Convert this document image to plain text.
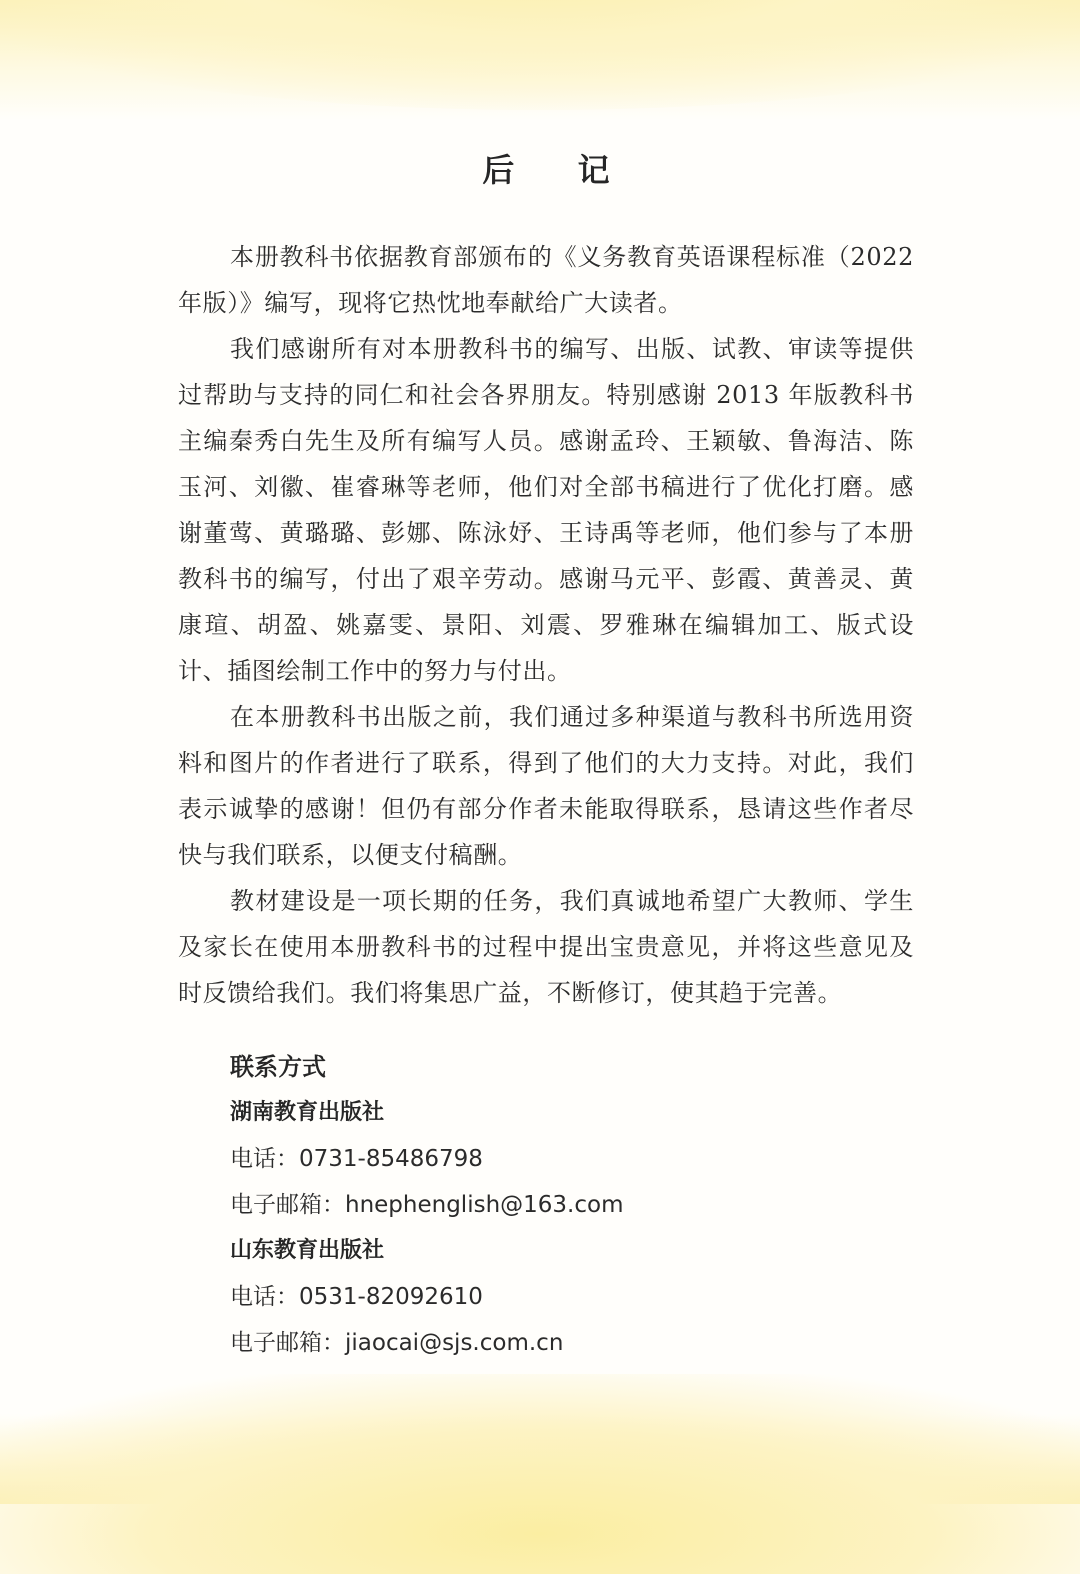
后 记

本册教科书依据教育部颁布的《义务教育英语课程标准（2022年版）》编写，现将它热忱地奉献给广大读者。

我们感谢所有对本册教科书的编写、出版、试教、审读等提供过帮助与支持的同仁和社会各界朋友。特别感谢 2013 年版教科书主编秦秀白先生及所有编写人员。感谢孟玲、王颖敏、鲁海洁、陈玉河、刘徽、崔睿琳等老师，他们对全部书稿进行了优化打磨。感谢董莺、黄璐璐、彭娜、陈泳妤、王诗禹等老师，他们参与了本册教科书的编写，付出了艰辛劳动。感谢马元平、彭霞、黄善灵、黄康瑄、胡盈、姚嘉雯、景阳、刘震、罗雅琳在编辑加工、版式设计、插图绘制工作中的努力与付出。

在本册教科书出版之前，我们通过多种渠道与教科书所选用资料和图片的作者进行了联系，得到了他们的大力支持。对此，我们表示诚挚的感谢！但仍有部分作者未能取得联系，恳请这些作者尽快与我们联系，以便支付稿酬。

教材建设是一项长期的任务，我们真诚地希望广大教师、学生及家长在使用本册教科书的过程中提出宝贵意见，并将这些意见及时反馈给我们。我们将集思广益，不断修订，使其趋于完善。

联系方式

湖南教育出版社

电话：0731-85486798

电子邮箱：hnephenglish@163.com

山东教育出版社

电话：0531-82092610

电子邮箱：jiaocai@sjs.com.cn
